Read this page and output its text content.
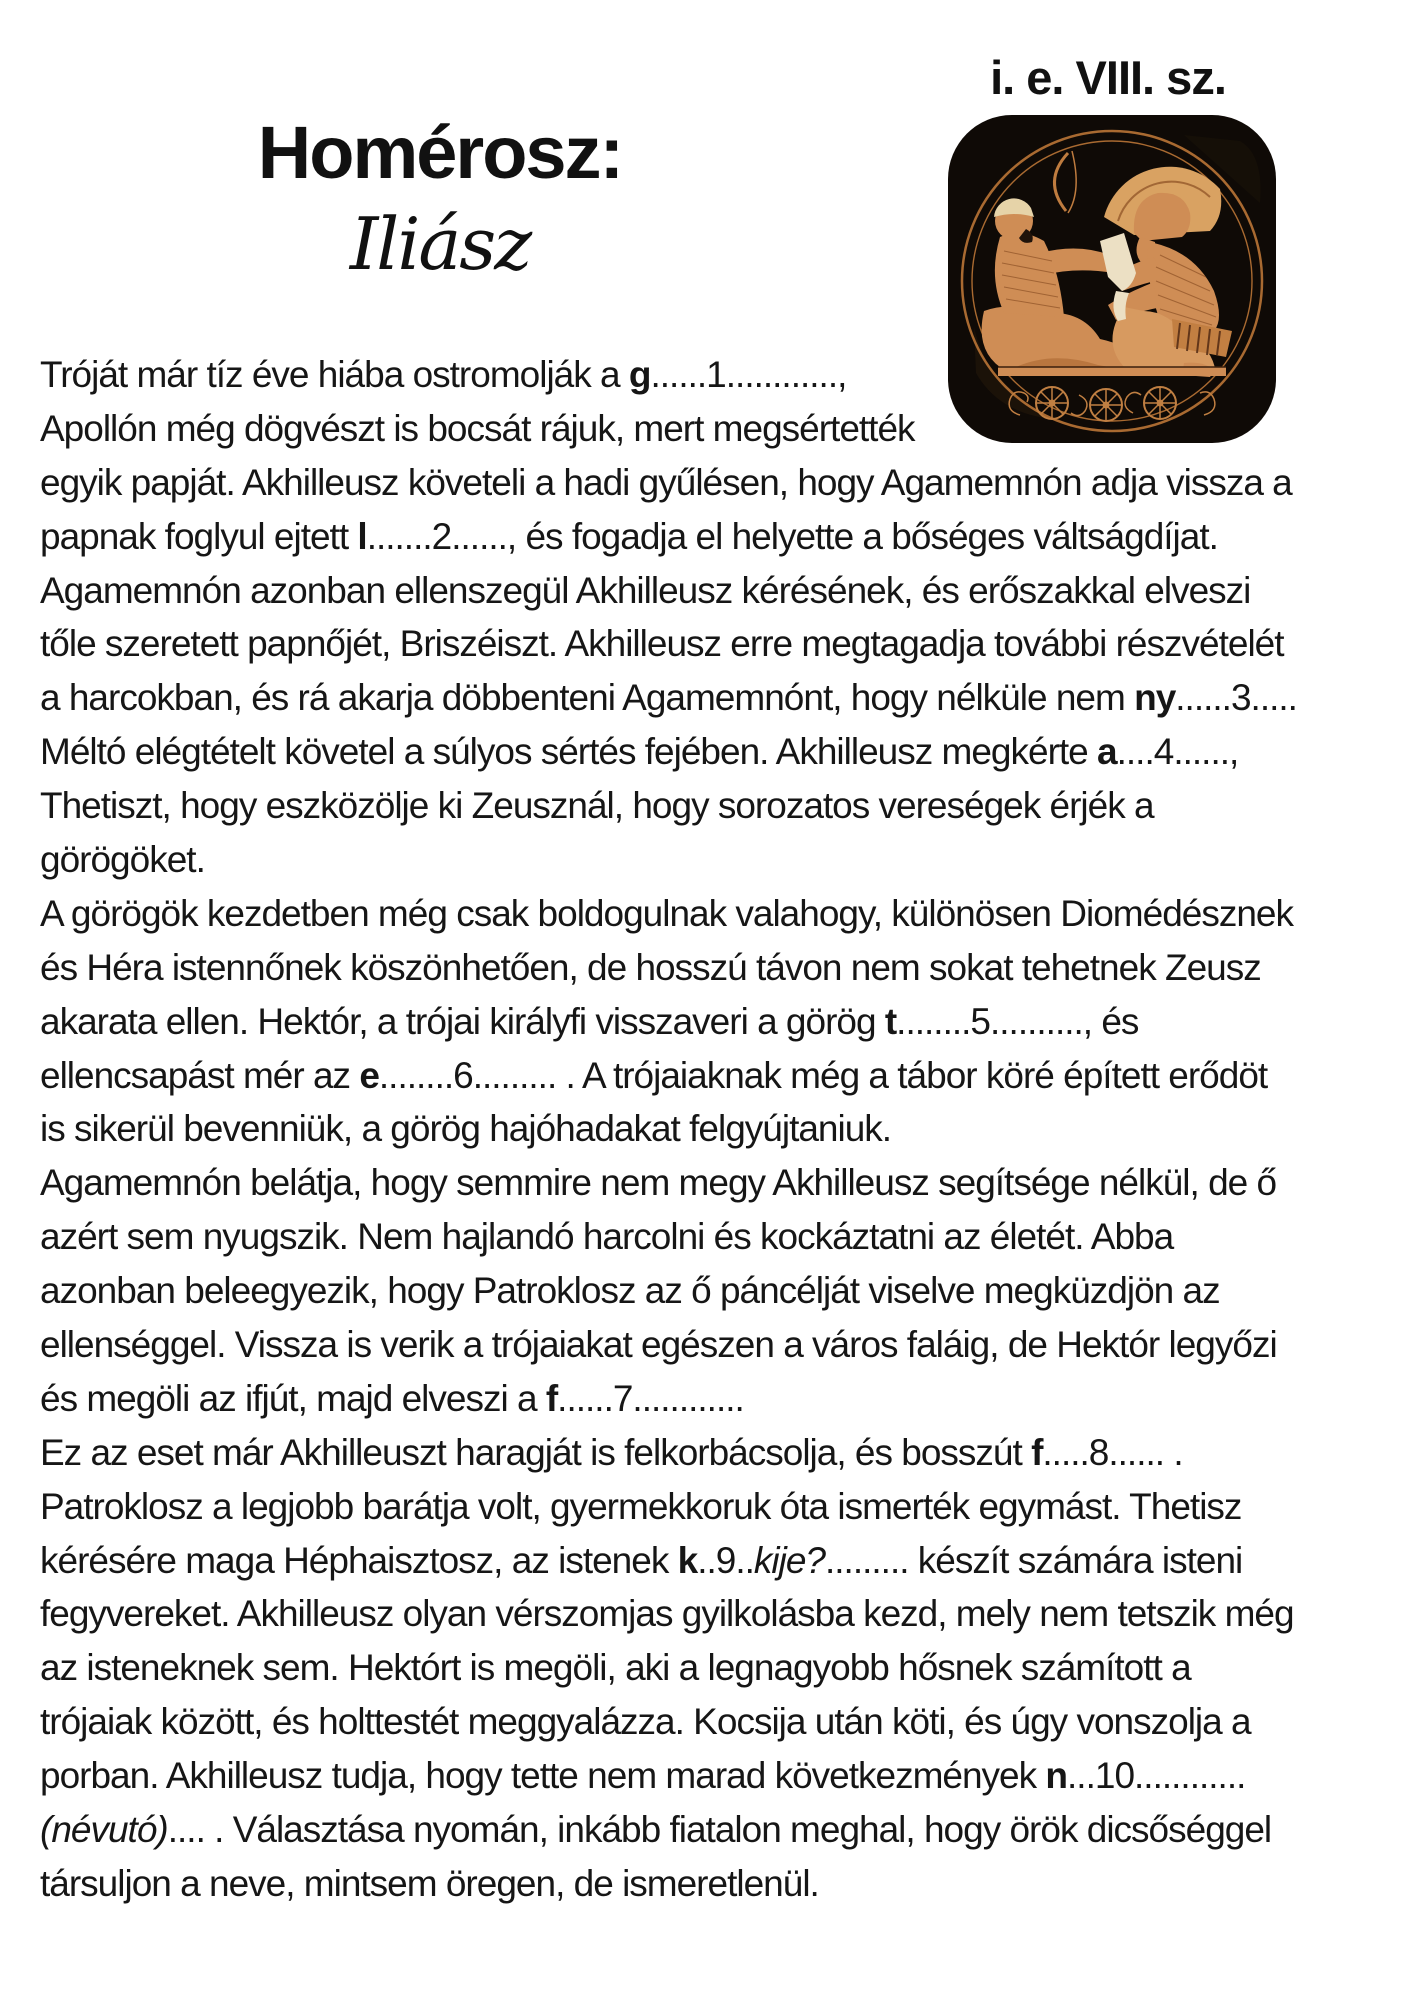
i. e. VIII. sz.
Homérosz:
Iliász
Tróját már tíz éve hiába ostromolják a g......1............,
Apollón még dögvészt is bocsát rájuk, mert megsértették
egyik papját. Akhilleusz követeli a hadi gyűlésen, hogy Agamemnón adja vissza a
papnak foglyul ejtett l.......2......, és fogadja el helyette a bőséges váltságdíjat.
Agamemnón azonban ellenszegül Akhilleusz kérésének, és erőszakkal elveszi
tőle szeretett papnőjét, Briszéiszt. Akhilleusz erre megtagadja további részvételét
a harcokban, és rá akarja döbbenteni Agamemnónt, hogy nélküle nem ny......3.....
Méltó elégtételt követel a súlyos sértés fejében. Akhilleusz megkérte a....4......,
Thetiszt, hogy eszközölje ki Zeusznál, hogy sorozatos vereségek érjék a
görögöket.
A görögök kezdetben még csak boldogulnak valahogy, különösen Diomédésznek
és Héra istennőnek köszönhetően, de hosszú távon nem sokat tehetnek Zeusz
akarata ellen. Hektór, a trójai királyfi visszaveri a görög t........5.........., és
ellencsapást mér az e........6......... . A trójaiaknak még a tábor köré épített erődöt
is sikerül bevenniük, a görög hajóhadakat felgyújtaniuk.
Agamemnón belátja, hogy semmire nem megy Akhilleusz segítsége nélkül, de ő
azért sem nyugszik. Nem hajlandó harcolni és kockáztatni az életét. Abba
azonban beleegyezik, hogy Patroklosz az ő páncélját viselve megküzdjön az
ellenséggel. Vissza is verik a trójaiakat egészen a város faláig, de Hektór legyőzi
és megöli az ifjút, majd elveszi a f......7............
Ez az eset már Akhilleuszt haragját is felkorbácsolja, és bosszút f.....8...... .
Patroklosz a legjobb barátja volt, gyermekkoruk óta ismerték egymást. Thetisz
kérésére maga Héphaisztosz, az istenek k..9..kije?......... készít számára isteni
fegyvereket. Akhilleusz olyan vérszomjas gyilkolásba kezd, mely nem tetszik még
az isteneknek sem. Hektórt is megöli, aki a legnagyobb hősnek számított a
trójaiak között, és holttestét meggyalázza. Kocsija után köti, és úgy vonszolja a
porban. Akhilleusz tudja, hogy tette nem marad következmények n...10............
(névutó).... . Választása nyomán, inkább fiatalon meghal, hogy örök dicsőséggel
társuljon a neve, mintsem öregen, de ismeretlenül.
